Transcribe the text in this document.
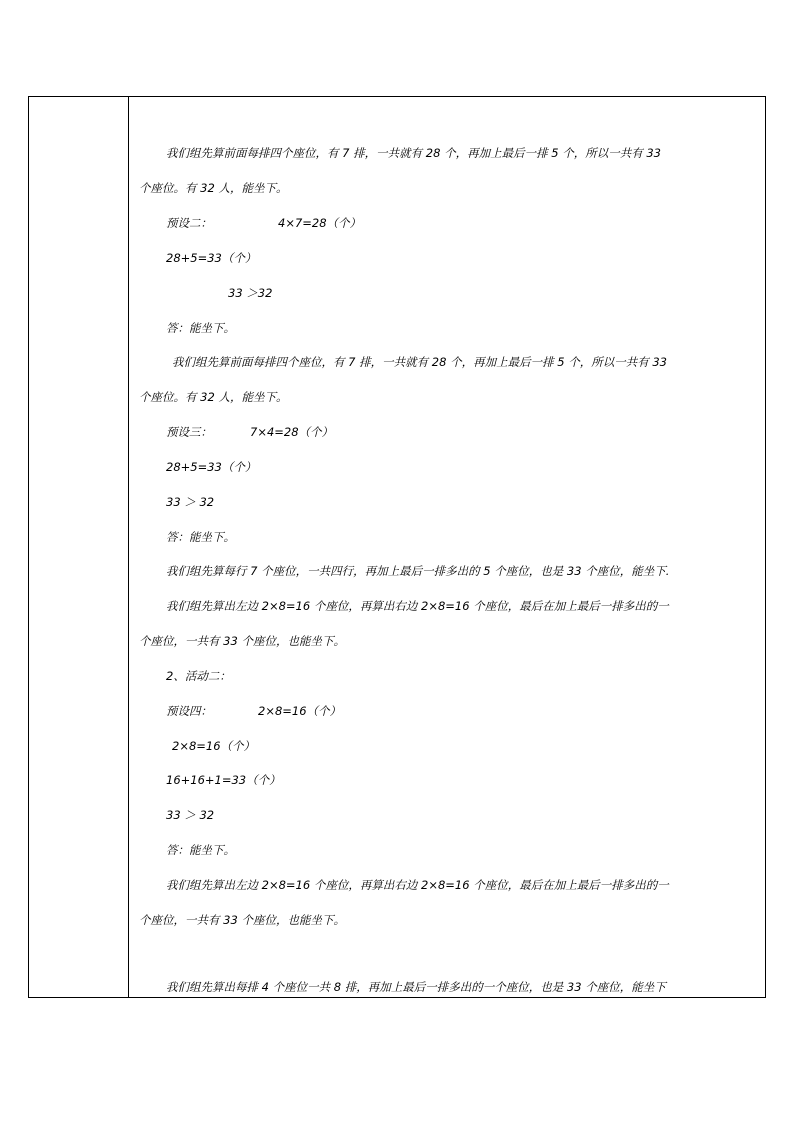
我们组先算前面每排四个座位，有 7 排，一共就有 28 个，再加上最后一排 5 个，所以一共有 33
个座位。有 32 人，能坐下。
预设二：	4×7=28（个）
28+5=33（个）
33 ＞32
答：能坐下。
我们组先算前面每排四个座位，有 7 排，一共就有 28 个，再加上最后一排 5 个，所以一共有 33
个座位。有 32 人，能坐下。
预设三：	7×4=28（个）
28+5=33（个）
33 ＞ 32
答：能坐下。
我们组先算每行 7 个座位，一共四行，再加上最后一排多出的 5 个座位，也是 33 个座位，能坐下.
我们组先算出左边 2×8=16 个座位，再算出右边 2×8=16 个座位，最后在加上最后一排多出的一
个座位，一共有 33 个座位，也能坐下。
2、活动二：
预设四：	2×8=16（个）
2×8=16（个）
16+16+1=33（个）
33 ＞ 32
答：能坐下。
我们组先算出左边 2×8=16 个座位，再算出右边 2×8=16 个座位，最后在加上最后一排多出的一
个座位，一共有 33 个座位，也能坐下。
我们组先算出每排 4 个座位一共 8 排，再加上最后一排多出的一个座位，也是 33 个座位，能坐下
